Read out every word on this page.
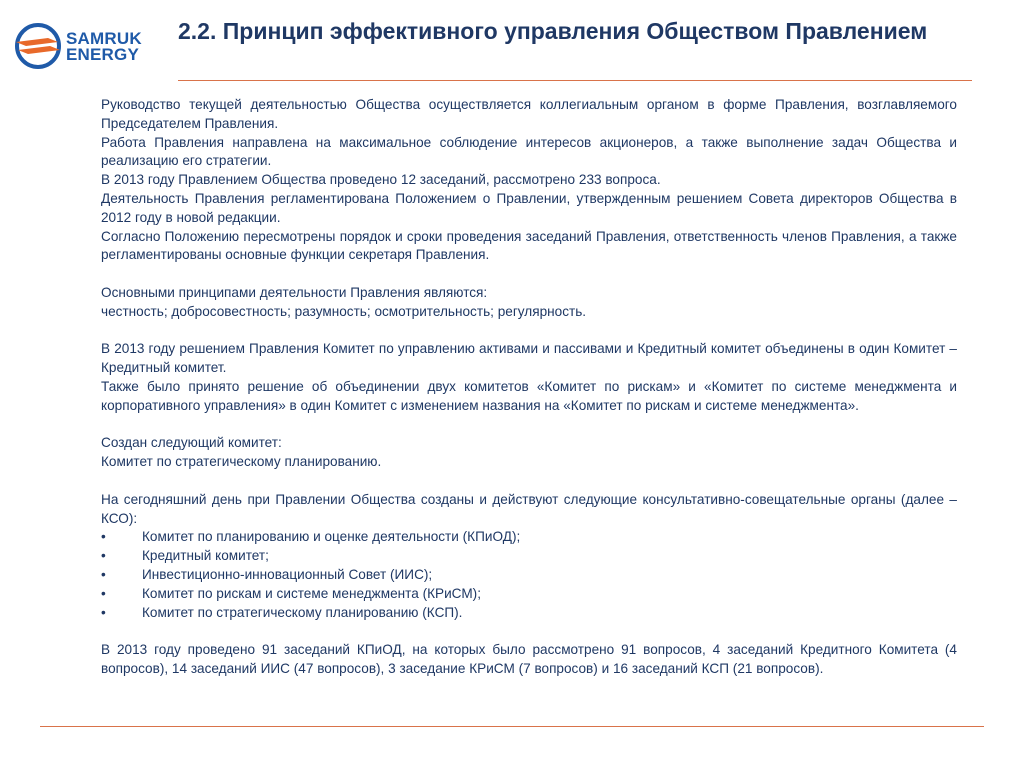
SAMRUK
ENERGY
2.2. Принцип эффективного управления Обществом Правлением

Руководство текущей деятельностью Общества осуществляется коллегиальным органом в форме Правления, возглавляемого Председателем Правления.

Работа Правления направлена на максимальное соблюдение интересов акционеров, а также выполнение задач Общества и реализацию его стратегии.

В 2013 году Правлением Общества проведено 12 заседаний, рассмотрено 233 вопроса.

Деятельность Правления регламентирована Положением о Правлении, утвержденным решением Совета директоров Общества в 2012 году в новой редакции.

Согласно Положению пересмотрены порядок и сроки проведения заседаний Правления, ответственность членов Правления, а также регламентированы основные функции секретаря Правления.

Основными принципами деятельности Правления являются:

честность; добросовестность; разумность; осмотрительность; регулярность.

В 2013 году решением Правления Комитет по управлению активами и пассивами и Кредитный комитет объединены в один Комитет – Кредитный комитет.

Также было принято решение об объединении двух комитетов «Комитет по рискам» и «Комитет по системе менеджмента и корпоративного управления» в один Комитет с изменением названия на «Комитет по рискам и системе менеджмента».

Создан следующий комитет:

Комитет по стратегическому планированию.

На сегодняшний день при Правлении Общества созданы и действуют следующие консультативно-совещательные органы (далее – КСО):

•	Комитет по планированию и оценке деятельности (КПиОД);
•	Кредитный комитет;
•	Инвестиционно-инновационный Совет (ИИС);
•	Комитет по рискам и системе менеджмента (КРиСМ);
•	Комитет по стратегическому планированию (КСП).

В 2013 году проведено 91 заседаний КПиОД, на которых было рассмотрено 91 вопросов, 4 заседаний Кредитного Комитета (4 вопросов), 14 заседаний ИИС (47 вопросов), 3 заседание КРиСМ (7 вопросов) и 16 заседаний КСП (21 вопросов).
